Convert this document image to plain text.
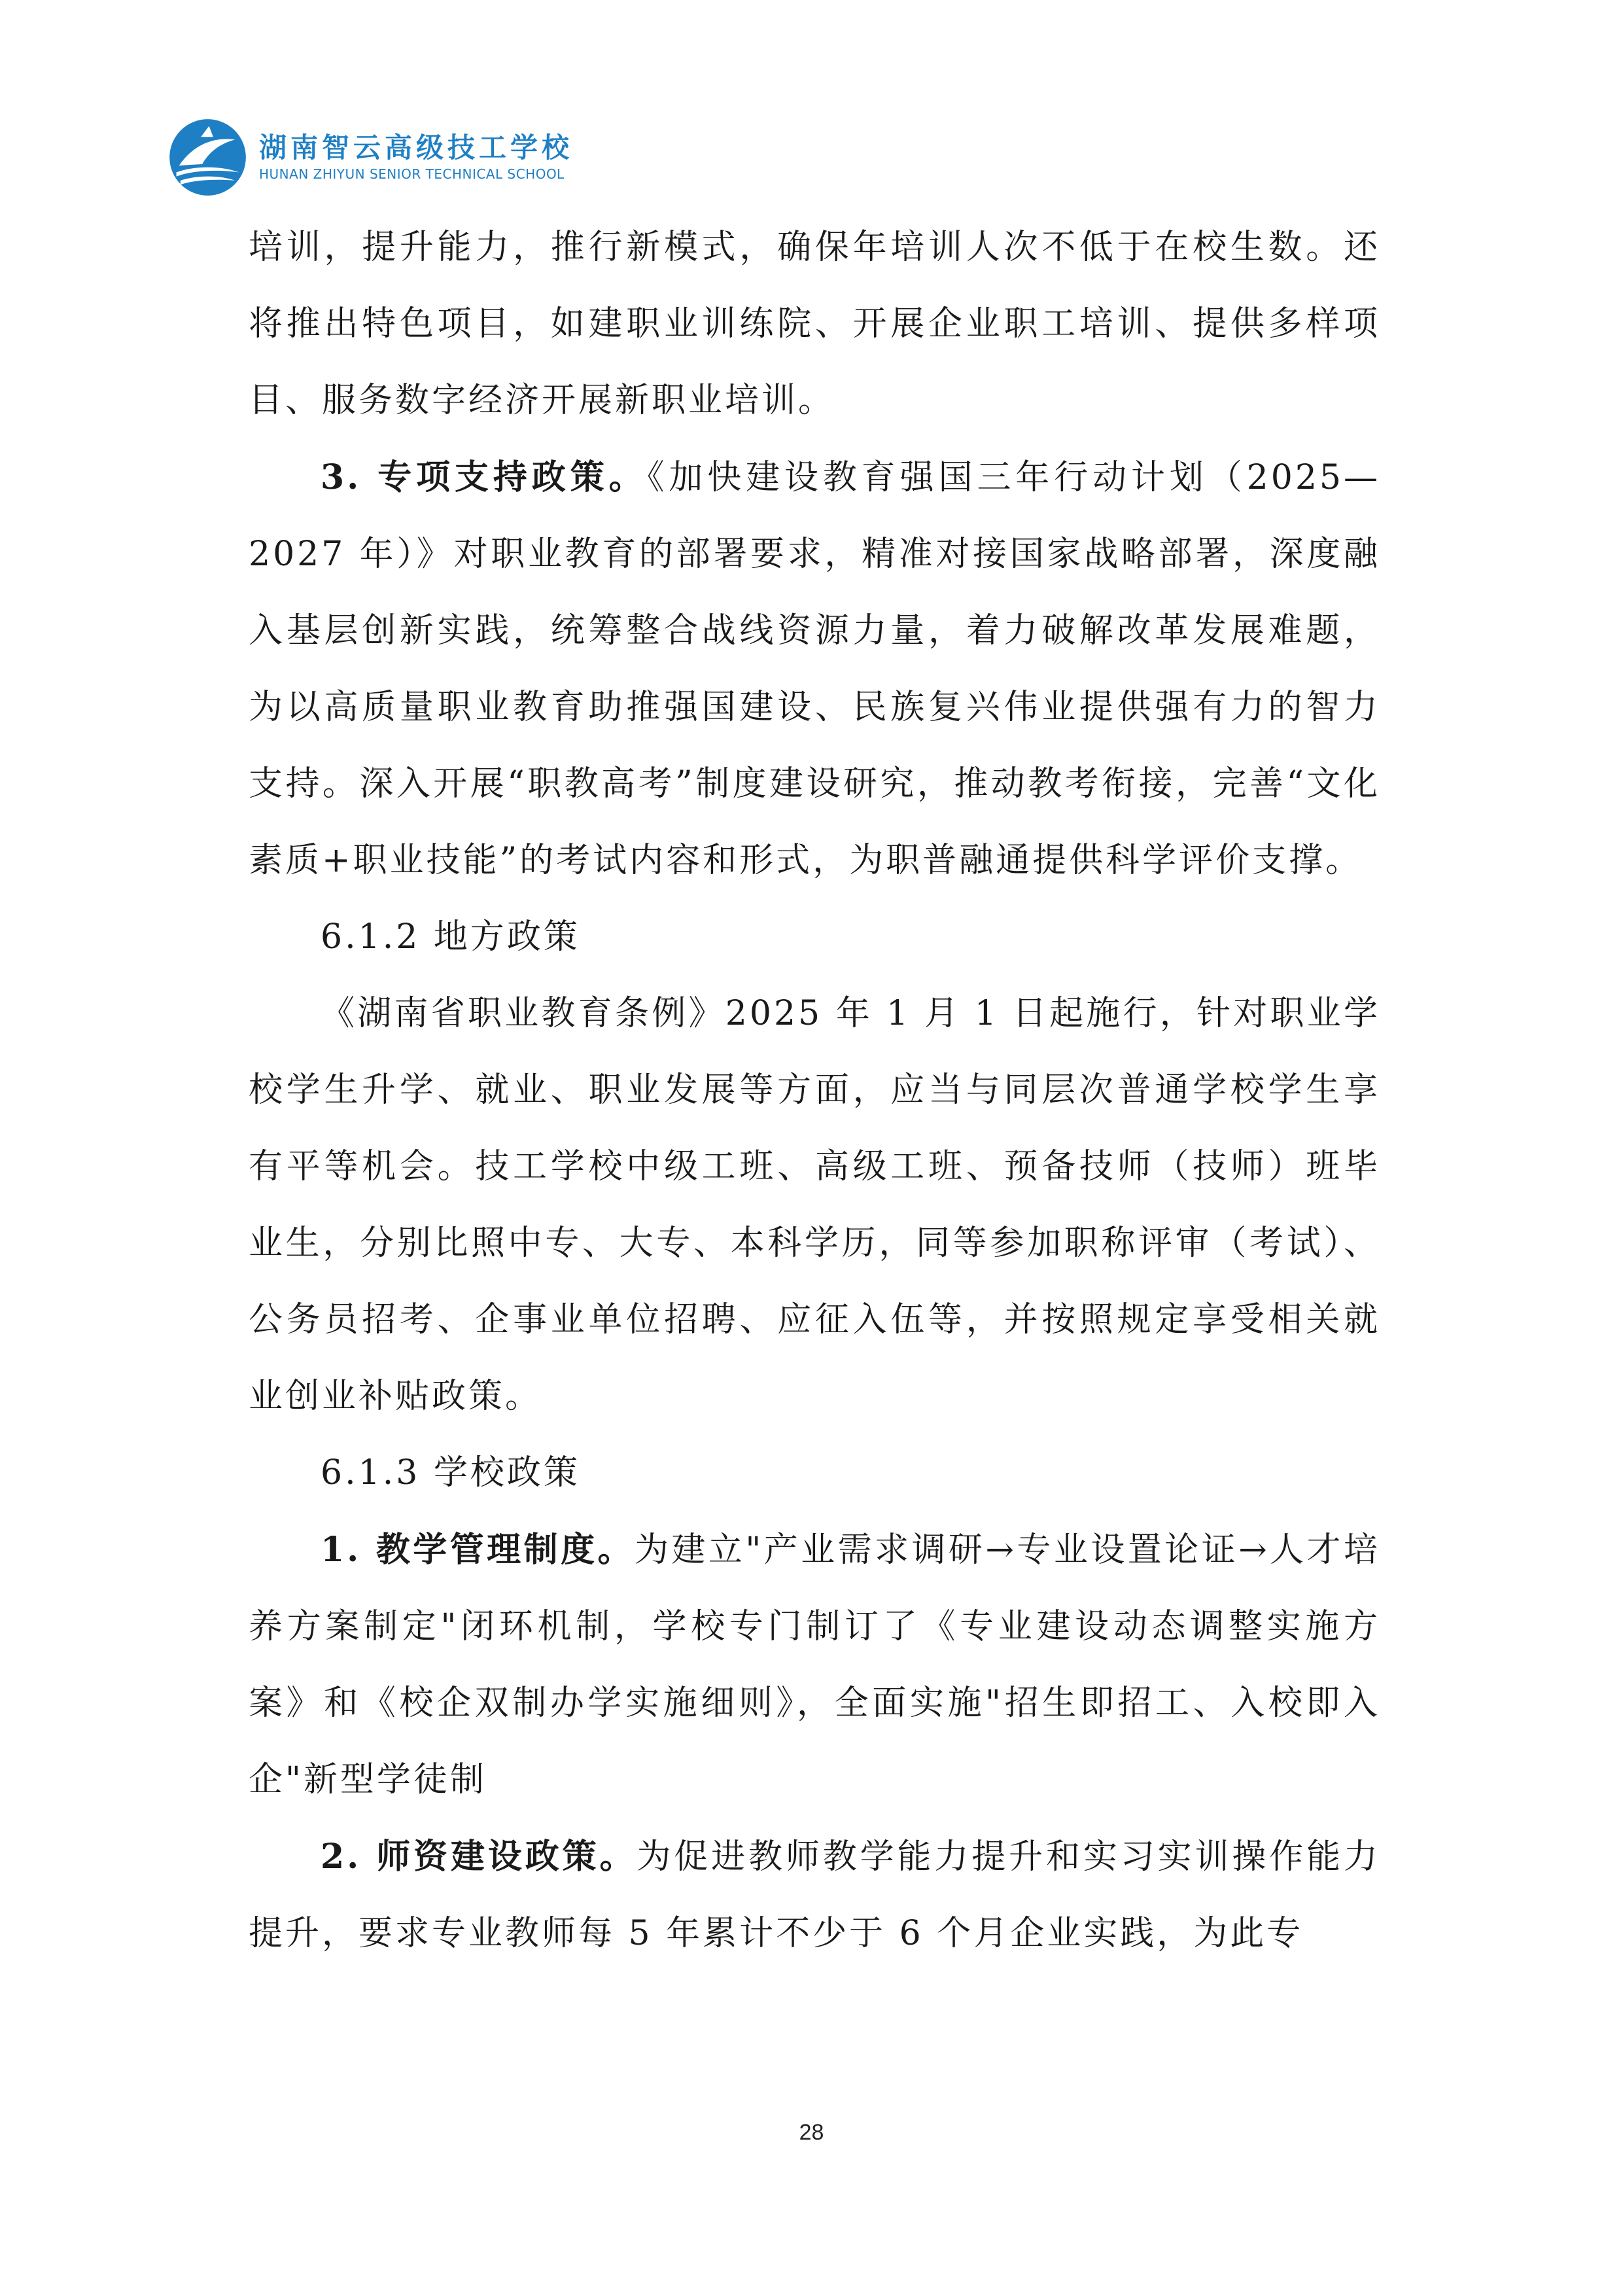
湖南智云高级技工学校
HUNAN ZHIYUN SENIOR TECHNICAL SCHOOL

培训，提升能力，推行新模式，确保年培训人次不低于在校生数。还将推出特色项目，如建职业训练院、开展企业职工培训、提供多样项目、服务数字经济开展新职业培训。

3. 专项支持政策。《加快建设教育强国三年行动计划（2025—2027 年）》对职业教育的部署要求，精准对接国家战略部署，深度融入基层创新实践，统筹整合战线资源力量，着力破解改革发展难题，为以高质量职业教育助推强国建设、民族复兴伟业提供强有力的智力支持。深入开展“职教高考”制度建设研究，推动教考衔接，完善“文化素质+职业技能”的考试内容和形式，为职普融通提供科学评价支撑。

6.1.2 地方政策

《湖南省职业教育条例》2025 年 1 月 1 日起施行，针对职业学校学生升学、就业、职业发展等方面，应当与同层次普通学校学生享有平等机会。技工学校中级工班、高级工班、预备技师（技师）班毕业生，分别比照中专、大专、本科学历，同等参加职称评审（考试）、公务员招考、企事业单位招聘、应征入伍等，并按照规定享受相关就业创业补贴政策。

6.1.3 学校政策

1. 教学管理制度。为建立"产业需求调研→专业设置论证→人才培养方案制定"闭环机制，学校专门制订了《专业建设动态调整实施方案》和《校企双制办学实施细则》，全面实施"招生即招工、入校即入企"新型学徒制

2. 师资建设政策。为促进教师教学能力提升和实习实训操作能力提升，要求专业教师每 5 年累计不少于 6 个月企业实践，为此专

28
